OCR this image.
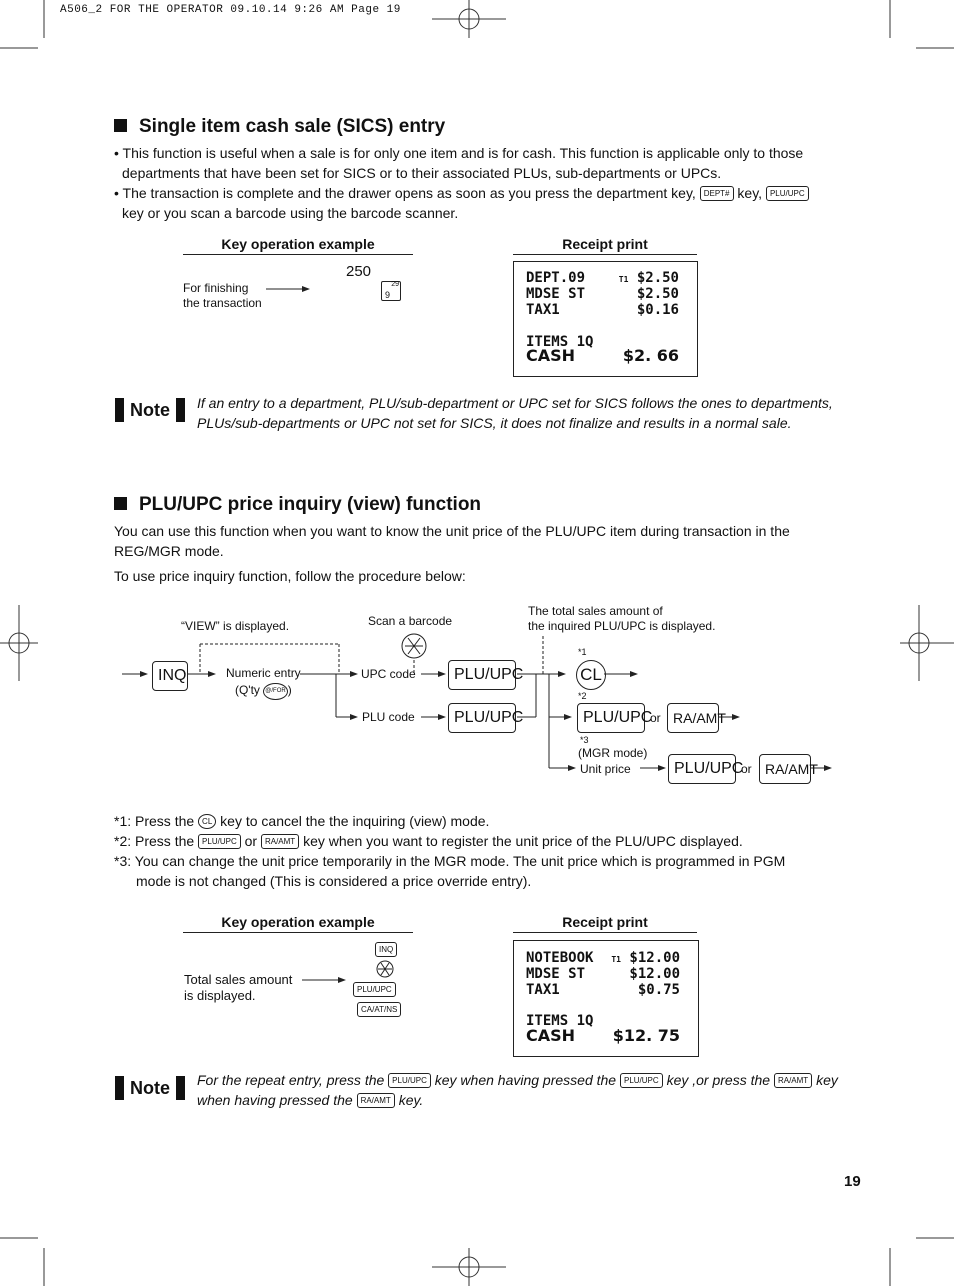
A506_2 FOR THE OPERATOR 09.10.14 9:26 AM Page 19
Single item cash sale (SICS) entry
• This function is useful when a sale is for only one item and is for cash. This function is applicable only to those
departments that have been set for SICS or to their associated PLUs, sub-departments or UPCs.
• The transaction is complete and the drawer opens as soon as you press the department key, DEPT# key, PLU/UPC
key or you scan a barcode using the barcode scanner.
Key operation example	Receipt print
250
29
9
For finishing
the transaction
DEPT.09	T1 $2.50
MDSE ST	$2.50
TAX1	$0.16
ITEMS 1Q
CASH	$2. 66
Note	If an entry to a department, PLU/sub-department or UPC set for SICS follows the ones to departments, PLUs/sub-departments or UPC not set for SICS, it does not finalize and results in a normal sale.
PLU/UPC price inquiry (view) function
You can use this function when you want to know the unit price of the PLU/UPC item during transaction in the REG/MGR mode.
To use price inquiry function, follow the procedure below:
“VIEW” is displayed.	Scan a barcode
The total sales amount of
the inquired PLU/UPC is displayed.
INQ	Numeric entry
(Q'ty @/FOR )
UPC code
PLU code
PLU/UPC
PLU/UPC
*1
CL
*2
PLU/UPC
or RA/AMT
*3
(MGR mode)
Unit price	PLU/UPC
or RA/AMT
*1: Press the CL key to cancel the the inquiring (view) mode.
*2: Press the PLU/UPC or RA/AMT key when you want to register the unit price of the PLU/UPC displayed.
*3: You can change the unit price temporarily in the MGR mode. The unit price which is programmed in PGM
mode is not changed (This is considered a price override entry).
Key operation example	Receipt print
INQ
PLU/UPC
CA/AT/NS
Total sales amount
is displayed.
NOTEBOOK T1 $12.00
MDSE ST	$12.00
TAX1	$0.75
ITEMS 1Q
CASH $12. 75
Note	For the repeat entry, press the PLU/UPC key when having pressed the PLU/UPC key ,or press the RA/AMT key when having pressed the RA/AMT key.
19
